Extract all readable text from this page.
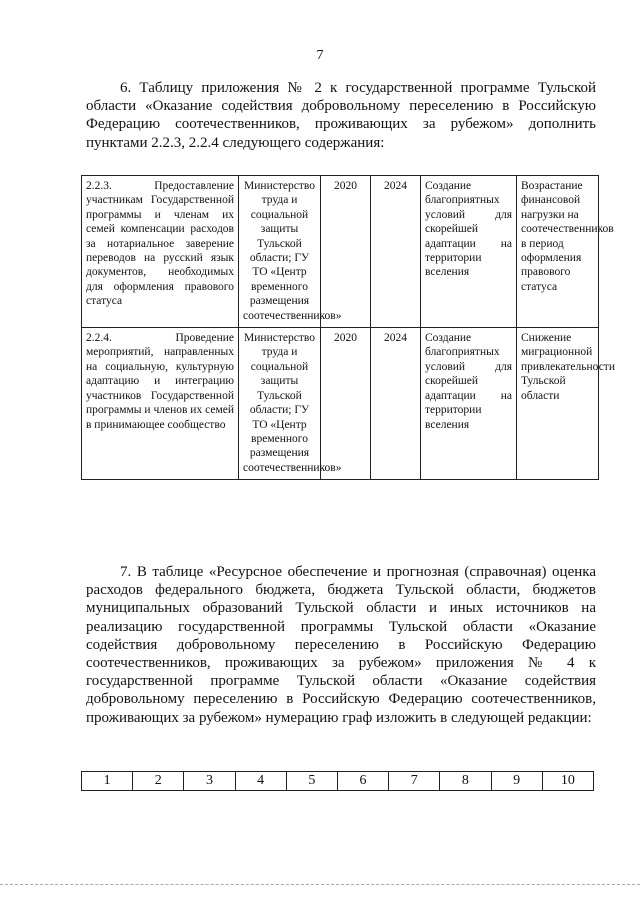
7
6. Таблицу приложения № 2 к государственной программе Тульской области «Оказание содействия добровольному переселению в Российскую Федерацию соотечественников, проживающих за рубежом» дополнить пунктами 2.2.3, 2.2.4 следующего содержания:
2.2.3. Предоставление участникам Государственной программы и членам их семей компенсации расходов за нотариальное заверение переводов на русский язык документов, необходимых для оформления правового статуса	Министерство труда и социальной защиты Тульской области; ГУ ТО «Центр временного размещения соотечественников»	2020	2024	Создание благоприятных условий для скорейшей адаптации на территории вселения	Возрастание финансовой нагрузки на соотечественников в период оформления правового статуса
2.2.4. Проведение мероприятий, направленных на социальную, культурную адаптацию и интеграцию участников Государственной программы и членов их семей в принимающее сообщество	Министерство труда и социальной защиты Тульской области; ГУ ТО «Центр временного размещения соотечественников»	2020	2024	Создание благоприятных условий для скорейшей адаптации на территории вселения	Снижение миграционной привлекательности Тульской области
7. В таблице «Ресурсное обеспечение и прогнозная (справочная) оценка расходов федерального бюджета, бюджета Тульской области, бюджетов муниципальных образований Тульской области и иных источников на реализацию государственной программы Тульской области «Оказание содействия добровольному переселению в Российскую Федерацию соотечественников, проживающих за рубежом» приложения № 4 к государственной программе Тульской области «Оказание содействия добровольному переселению в Российскую Федерацию соотечественников, проживающих за рубежом» нумерацию граф изложить в следующей редакции:
1	2	3	4	5	6	7	8	9	10
